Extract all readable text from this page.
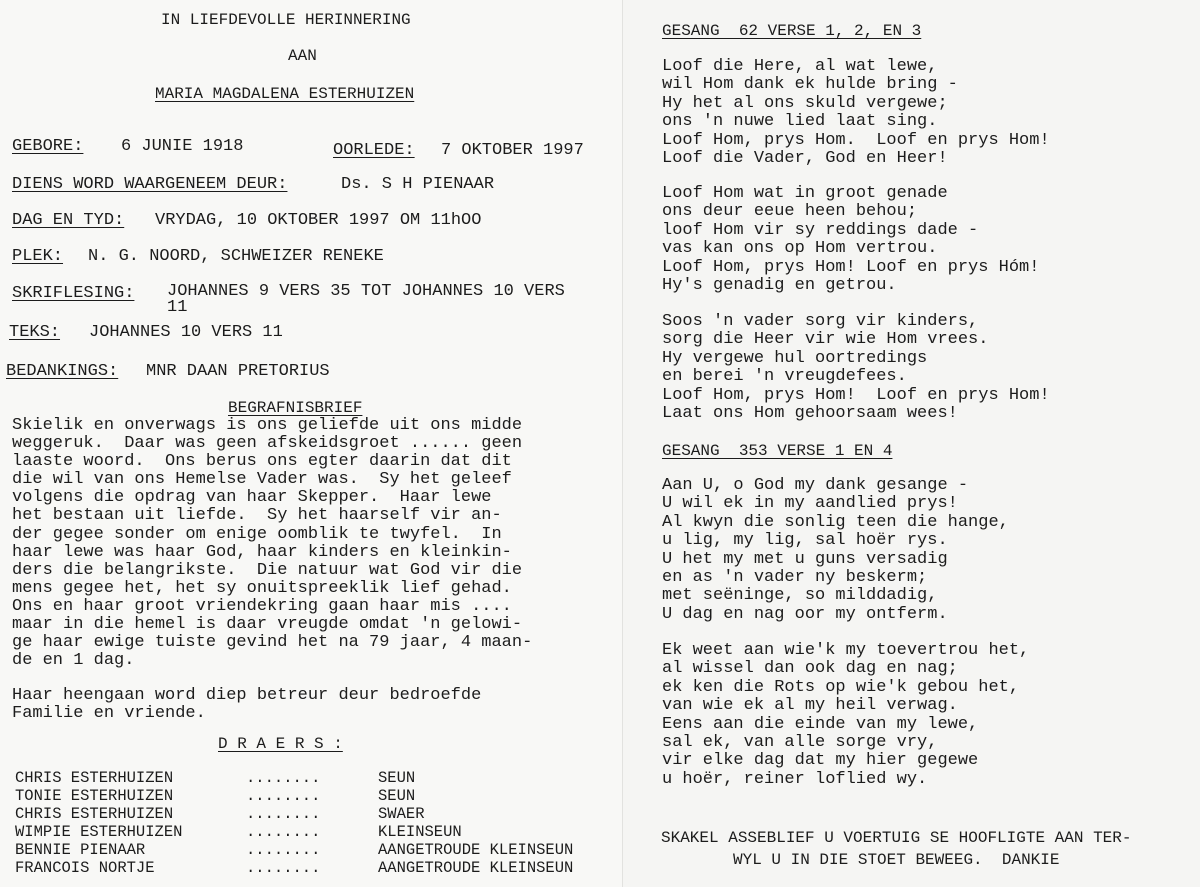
IN LIEFDEVOLLE HERINNERING
AAN
MARIA MAGDALENA ESTERHUIZEN
GEBORE: 6 JUNIE 1918	OORLEDE: 7 OKTOBER 1997
DIENS WORD WAARGENEEM DEUR:	Ds. S H PIENAAR
DAG EN TYD: VRYDAG, 10 OKTOBER 1997 OM 11hOO
PLEK: N. G. NOORD, SCHWEIZER RENEKE
SKRIFLESING: JOHANNES 9 VERS 35 TOT JOHANNES 10 VERS
11
TEKS: JOHANNES 10 VERS 11
BEDANKINGS: MNR DAAN PRETORIUS
BEGRAFNISBRIEF
Skielik en onverwags is ons geliefde uit ons midde
weggeruk.  Daar was geen afskeidsgroet ...... geen
laaste woord.  Ons berus ons egter daarin dat dit
die wil van ons Hemelse Vader was.  Sy het geleef
volgens die opdrag van haar Skepper.  Haar lewe
het bestaan uit liefde.  Sy het haarself vir an-
der gegee sonder om enige oomblik te twyfel.  In
haar lewe was haar God, haar kinders en kleinkin-
ders die belangrikste.  Die natuur wat God vir die
mens gegee het, het sy onuitspreeklik lief gehad.
Ons en haar groot vriendekring gaan haar mis ....
maar in die hemel is daar vreugde omdat 'n gelowi-
ge haar ewige tuiste gevind het na 79 jaar, 4 maan-
de en 1 dag.
Haar heengaan word diep betreur deur bedroefde
Familie en vriende.
D R A E R S :
CHRIS ESTERHUIZEN	........	SEUN
TONIE ESTERHUIZEN	........	SEUN
CHRIS ESTERHUIZEN	........	SWAER
WIMPIE ESTERHUIZEN	........	KLEINSEUN
BENNIE PIENAAR	........	AANGETROUDE KLEINSEUN
FRANCOIS NORTJE	........	AANGETROUDE KLEINSEUN
GESANG  62 VERSE 1, 2, EN 3
Loof die Here, al wat lewe,
wil Hom dank ek hulde bring -
Hy het al ons skuld vergewe;
ons 'n nuwe lied laat sing.
Loof Hom, prys Hom.  Loof en prys Hom!
Loof die Vader, God en Heer!
Loof Hom wat in groot genade
ons deur eeue heen behou;
loof Hom vir sy reddings dade -
vas kan ons op Hom vertrou.
Loof Hom, prys Hom! Loof en prys Hóm!
Hy's genadig en getrou.
Soos 'n vader sorg vir kinders,
sorg die Heer vir wie Hom vrees.
Hy vergewe hul oortredings
en berei 'n vreugdefees.
Loof Hom, prys Hom!  Loof en prys Hom!
Laat ons Hom gehoorsaam wees!
GESANG  353 VERSE 1 EN 4
Aan U, o God my dank gesange -
U wil ek in my aandlied prys!
Al kwyn die sonlig teen die hange,
u lig, my lig, sal hoër rys.
U het my met u guns versadig
en as 'n vader ny beskerm;
met seëninge, so milddadig,
U dag en nag oor my ontferm.
Ek weet aan wie'k my toevertrou het,
al wissel dan ook dag en nag;
ek ken die Rots op wie'k gebou het,
van wie ek al my heil verwag.
Eens aan die einde van my lewe,
sal ek, van alle sorge vry,
vir elke dag dat my hier gegewe
u hoër, reiner loflied wy.
SKAKEL ASSEBLIEF U VOERTUIG SE HOOFLIGTE AAN TER-
WYL U IN DIE STOET BEWEEG.  DANKIE
